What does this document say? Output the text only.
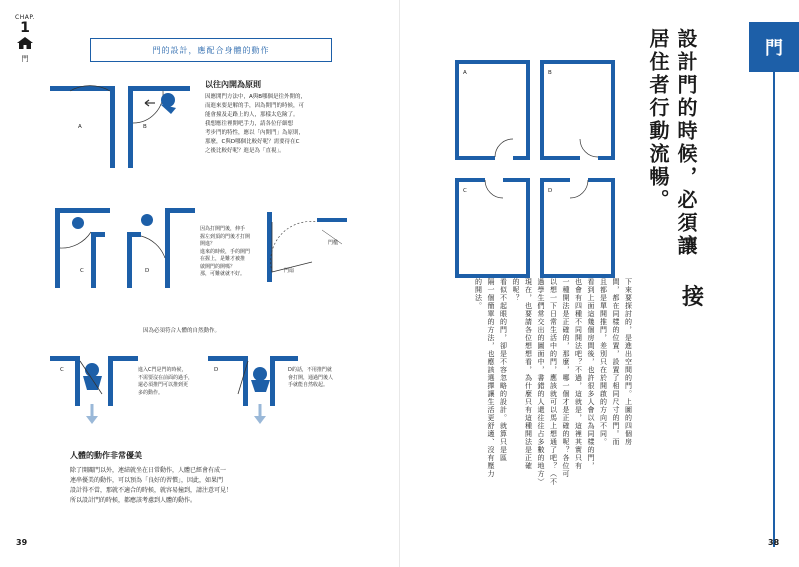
CHAP.
1
門
門的設計，應配合身體的動作
A	B
以往內開為原則
因應開門方法中，A與B哪個是往外開的，
而進來要是解的手，因為開門的時候，可
能會撞及走路上的人，那樣太危險了。
我想應往裡開吧手力，請各位仔細想
考步門的特性，應以「內開門」為原則，
那麼，C與D哪個比較好呢？需要待在C
之後比較好呢？進是為「直視」。
C	D
因為打開門後，伸手
握左到頂的門後才打開
開進？
進來的時候，手的開門
在握上，是難才被推
啟開門的開嗎？
那，可難就就不好。
門檻
門扇
因為必須符合人體的自然動作。
C	進入C門是門的時候，
不需要沒在前面的過手，
還必須推門可以推到更
多的動作。
D	D的話，不用推門就
會打開，通過門後人
手就能自然收起。
人體的動作非常優美
除了開關門以外，連結就坐在日常動作，人體已經會有成一
連串優美的動作，可以預為「良好的習慣」，因此，如果門
設計得不當，那就不適合的時候，就容易撞到，請注意可見！
所以設計門的時候，都應該考慮到人體的動作。
39
門
A	B
C	D	設計門的時候，必須讓居住者行動流暢。
接
下來要探討的，是進出空間的門。上圖的四個房
間，都在同樣的位置，設置了相同尺寸的門。而
且都是單開推門，差別只在於開啟的方向不同。
看到上面這幾個房間後，也許很多人會以為同樣的門，
也會有四種不同開法吧？不過，這就是，這裡其實只有
一種開法是正確的，那麼，哪一個才是正確的呢？各位可
以想一下日常生活中的門，應該就可以馬上想通了吧？（不
過學生們常交出的圖面中，書錯的人還往往占多數的地方）
現在，也要請各位想想看，為什麼只有這種開法是正確
的呢？
看似不起眼的門，卻是不容忽略的設計。就算只是區
隔一個簡單的方法，也應該選擇讓生活更舒適、沒有壓力
的開法。
38
